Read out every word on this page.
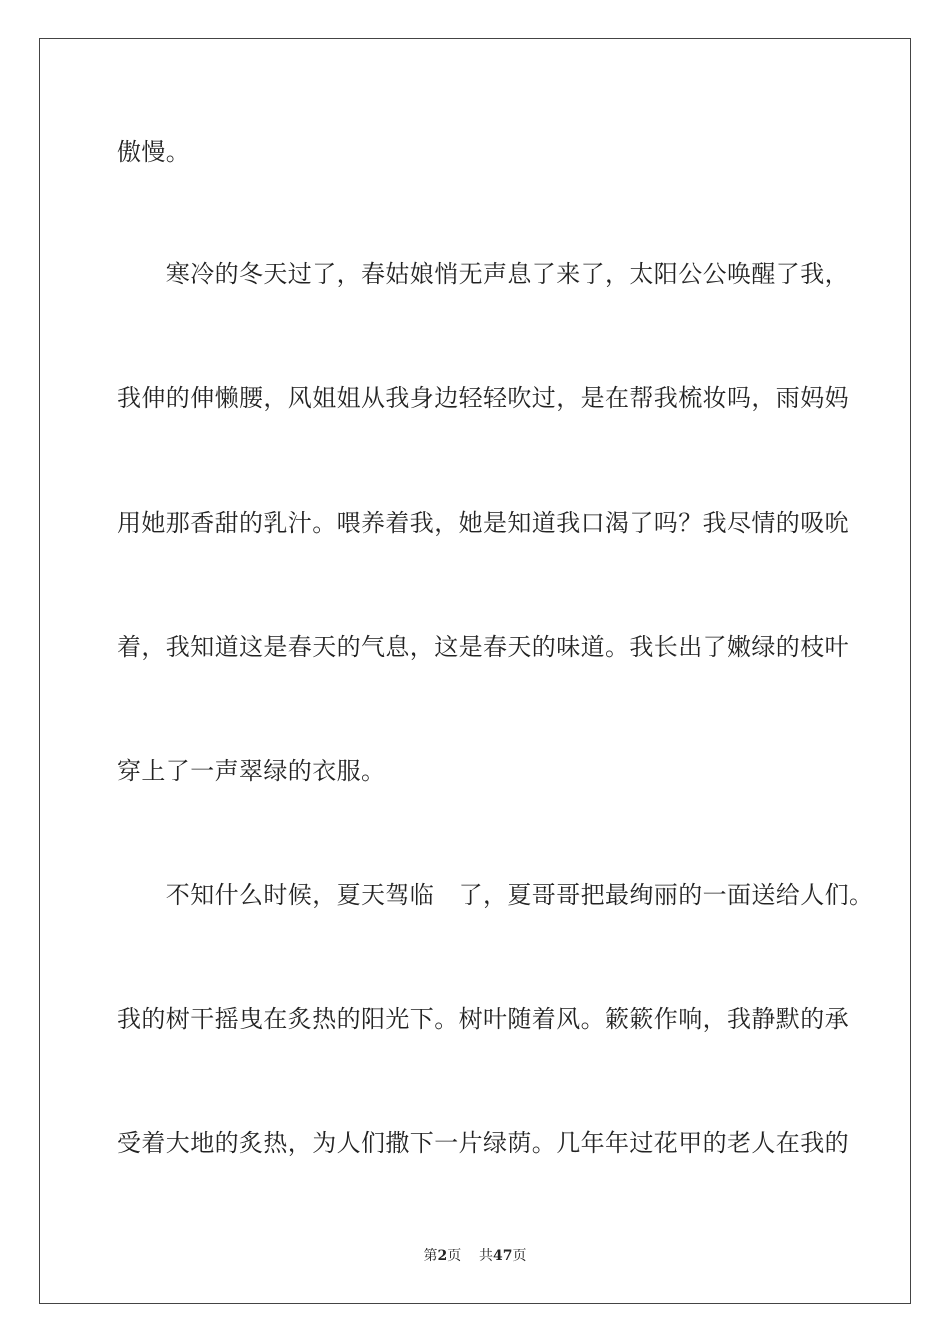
傲慢。
　　寒冷的冬天过了，春姑娘悄无声息了来了，太阳公公唤醒了我，
我伸的伸懒腰，风姐姐从我身边轻轻吹过，是在帮我梳妆吗，雨妈妈
用她那香甜的乳汁。喂养着我，她是知道我口渴了吗？我尽情的吸吮
着，我知道这是春天的气息，这是春天的味道。我长出了嫩绿的枝叶
穿上了一声翠绿的衣服。
　　不知什么时候，夏天驾临　了，夏哥哥把最绚丽的一面送给人们。
我的树干摇曳在炙热的阳光下。树叶随着风。簌簌作响，我静默的承
受着大地的炙热，为人们撒下一片绿荫。几年年过花甲的老人在我的
第2页 共47页
